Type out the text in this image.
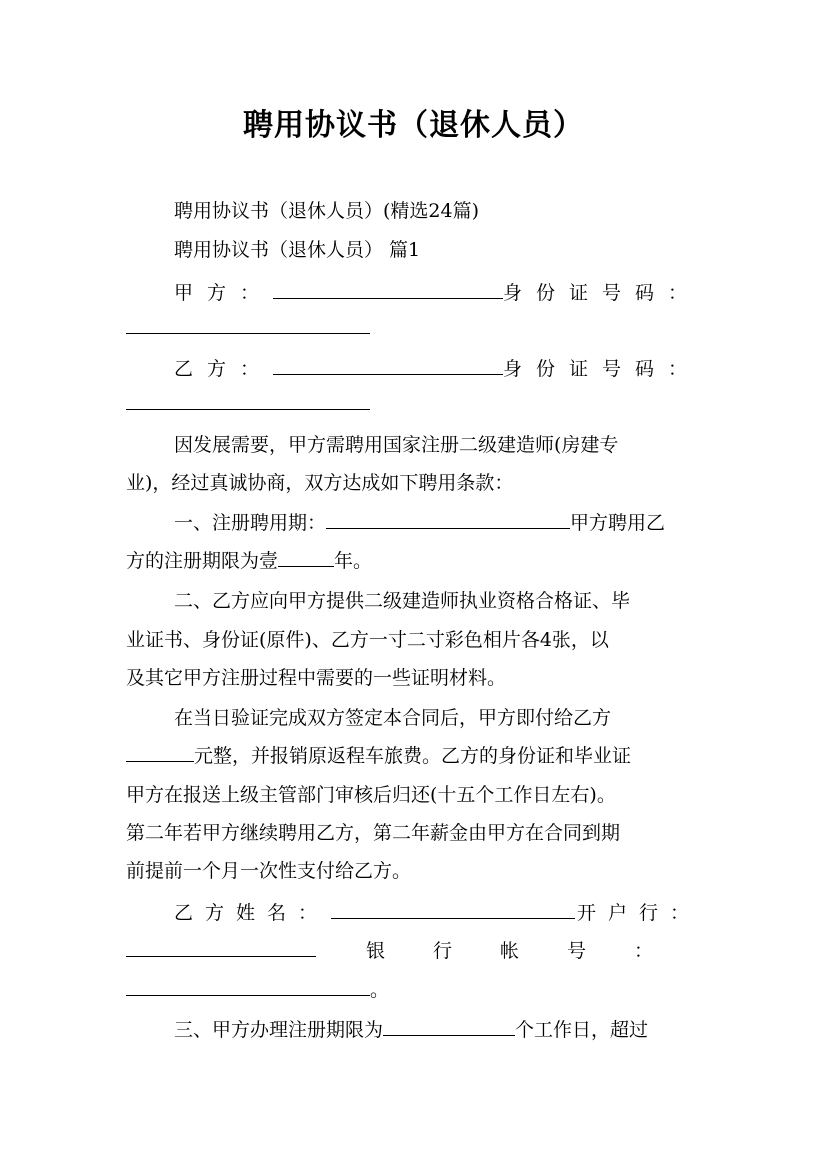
聘用协议书（退休人员）
聘用协议书（退休人员）(精选24篇)
聘用协议书（退休人员） 篇1
甲方：	身份证号码：
乙方：	身份证号码：
因发展需要，甲方需聘用国家注册二级建造师(房建专
业)，经过真诚协商，双方达成如下聘用条款：
一、注册聘用期：	甲方聘用乙
方的注册期限为壹	年。
二、乙方应向甲方提供二级建造师执业资格合格证、毕
业证书、身份证(原件)、乙方一寸二寸彩色相片各4张，以
及其它甲方注册过程中需要的一些证明材料。
在当日验证完成双方签定本合同后，甲方即付给乙方
元整，并报销原返程车旅费。乙方的身份证和毕业证
甲方在报送上级主管部门审核后归还(十五个工作日左右)。
第二年若甲方继续聘用乙方，第二年薪金由甲方在合同到期
前提前一个月一次性支付给乙方。
乙方姓名：	开户行：
银行帐号：
。
三、甲方办理注册期限为	个工作日，超过
